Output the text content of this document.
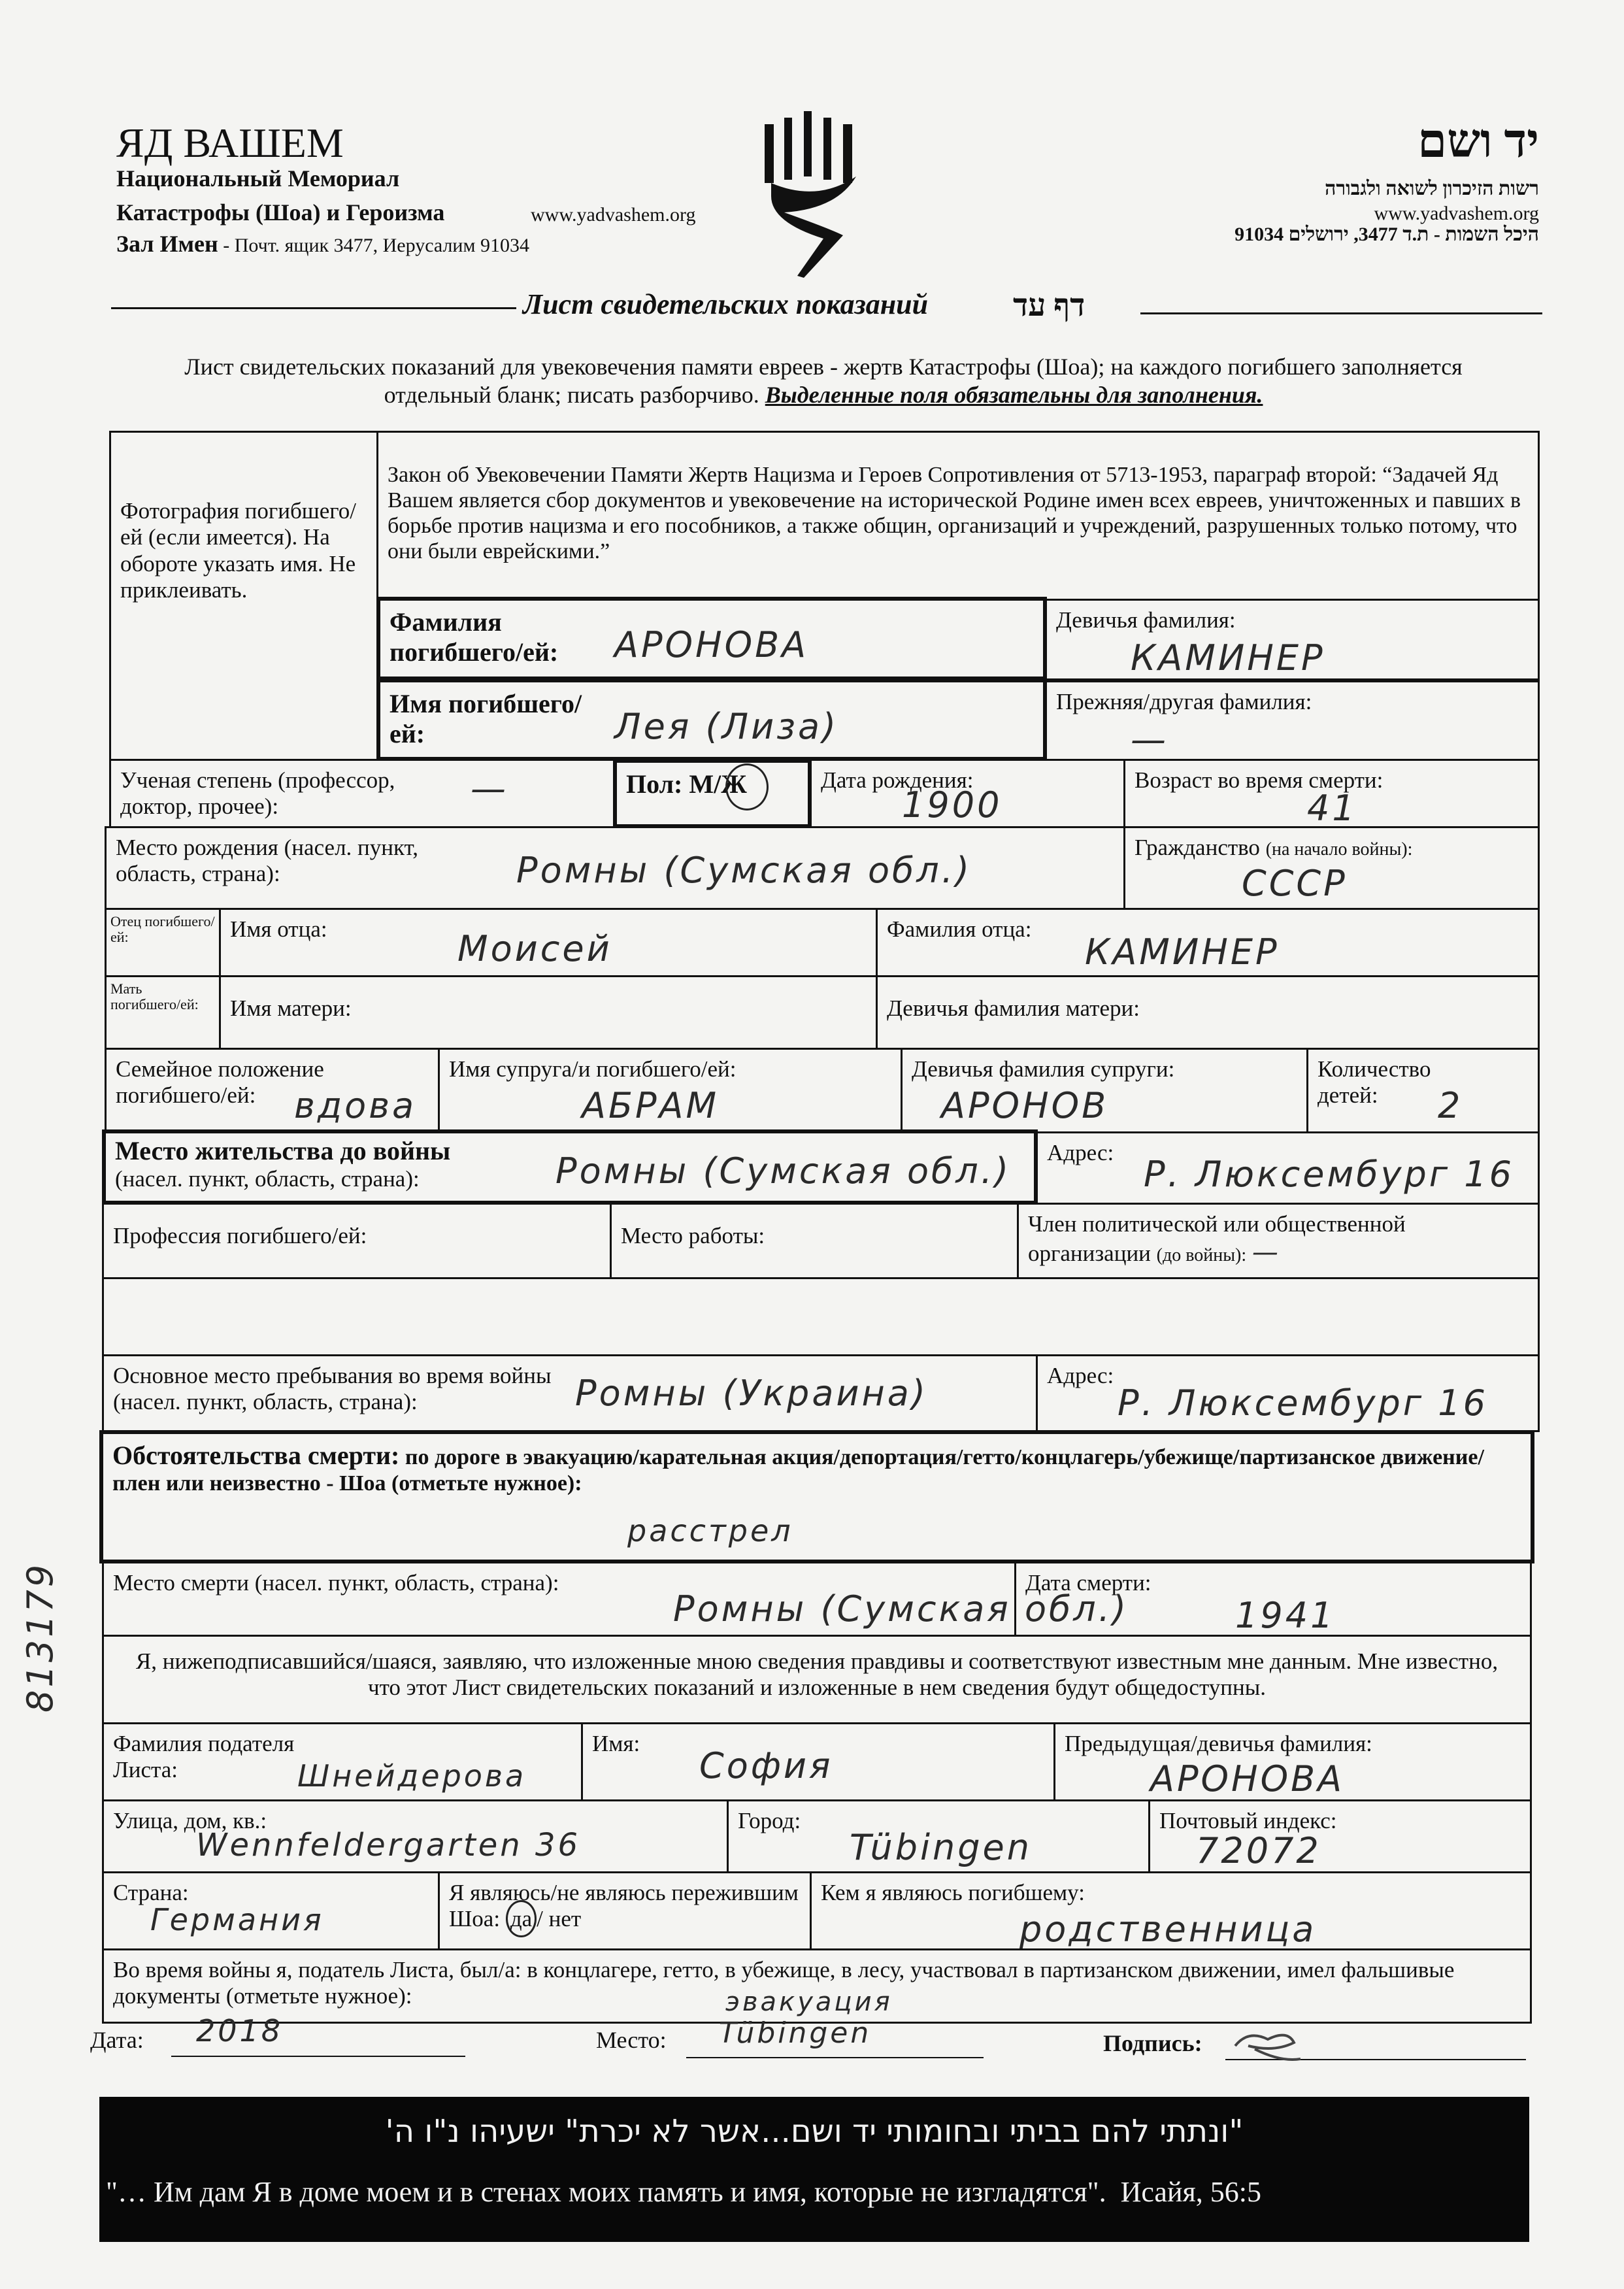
ЯД ВАШЕМ
Национальный Мемориал
Катастрофы (Шоа) и Героизма	www.yadvashem.org
Зал Имен - Почт. ящик 3477, Иерусалим 91034
יד ושם
רשות הזיכרון לשואה ולגבורה
www.yadvashem.org
היכל השמות - ת.ד 3477, ירושלים 91034
Лист свидетельских показаний	דף עד
Лист свидетельских показаний для увековечения памяти евреев - жертв Катастрофы (Шоа); на каждого погибшего заполняется отдельный бланк; писать разборчиво. Выделенные поля обязательны для заполнения.
Фотография погибшего/ей (если имеется). На обороте указать имя. Не приклеивать.
Закон об Увековечении Памяти Жертв Нацизма и Героев Сопротивления от 5713-1953, параграф второй: “Задачей Яд Вашем является сбор документов и увековечение на исторической Родине имен всех евреев, уничтоженных и павших в борьбе против нацизма и его пособников, а также общин, организаций и учреждений, разрушенных только потому, что они были еврейскими.”
Фамилия погибшего/ей:	АРОНОВА
Девичья фамилия:
КАМИНЕР
Имя погибшего/ей:	Лея (Лиза)
Прежняя/другая фамилия:
—
Ученая степень (профессор, доктор, прочее):	—	Пол: М/Ж	Дата рождения:
1900
Возраст во время смерти:
41
Место рождения (насел. пункт, область, страна):	Ромны (Сумская обл.)
Гражданство (на начало войны):
СССР
Отец погибшего/ей:	Имя отца:	Моисей	Фамилия отца:
КАМИНЕР
Мать погибшего/ей:	Имя матери:	Девичья фамилия матери:
Семейное положение погибшего/ей:	вдова
Имя супруга/и погибшего/ей:
АБРАМ
Девичья фамилия супруги:
АРОНОВ
Количество детей:	2
Место жительства до войны
(насел. пункт, область, страна):	Ромны (Сумская обл.)	Адрес:
Р. Люксембург 16
Профессия погибшего/ей:	Место работы:	Член политической или общественной организации (до войны): —
Основное место пребывания во время войны (насел. пункт, область, страна):	Ромны (Украина)	Адрес:
Р. Люксембург 16
Обстоятельства смерти: по дороге в эвакуацию/карательная акция/депортация/гетто/концлагерь/убежище/партизанское движение/плен или неизвестно - Шоа (отметьте нужное):
расстрел
Место смерти (насел. пункт, область, страна):
Ромны (Сумская обл.)
Дата смерти:
1941
Я, нижеподписавшийся/шаяся, заявляю, что изложенные мною сведения правдивы и соответствуют известным мне данным. Мне известно, что этот Лист свидетельских показаний и изложенные в нем сведения будут общедоступны.
Фамилия подателя Листа:	Шнейдерова
Имя:
София
Предыдущая/девичья фамилия:
АРОНОВА
Улица, дом, кв.:
Wennfeldergarten 36
Город:
Tübingen
Почтовый индекс:
72072
Страна:
Германия
Я являюсь/не являюсь пережившим Шоа: да / нет
Кем я являюсь погибшему:
родственница
Во время войны я, податель Листа, был/а: в концлагере, гетто, в убежище, в лесу, участвовал в партизанском движении, имел фальшивые документы (отметьте нужное):	эвакуация
Дата: 2018	Место: Tübingen	Подпись:
813179
"ונתתי להם בביתי ובחומותי יד ושם...אשר לא יכרת" ישעיהו נ"ו ה'
"… Им дам Я в доме моем и в стенах моих память и имя, которые не изгладятся". Исайя, 56:5
